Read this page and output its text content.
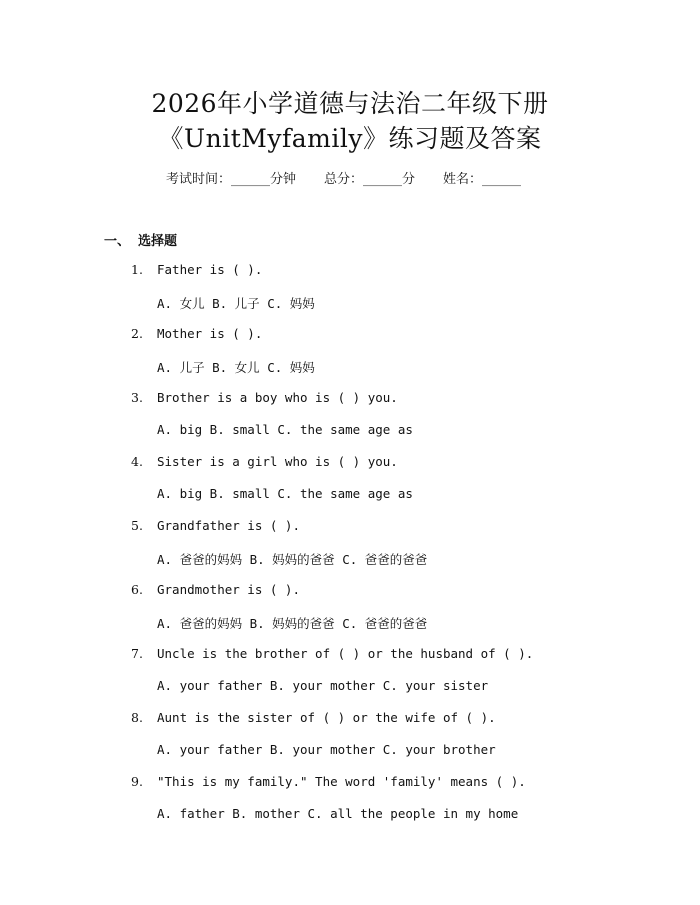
2026年小学道德与法治二年级下册
《UnitMyfamily》练习题及答案
考试时间：______分钟 总分：______分 姓名：______
一、 选择题
1. Father is ( ).
A. 女儿 B. 儿子 C. 妈妈
2. Mother is ( ).
A. 儿子 B. 女儿 C. 妈妈
3. Brother is a boy who is ( ) you.
A. big B. small C. the same age as
4. Sister is a girl who is ( ) you.
A. big B. small C. the same age as
5. Grandfather is ( ).
A. 爸爸的妈妈 B. 妈妈的爸爸 C. 爸爸的爸爸
6. Grandmother is ( ).
A. 爸爸的妈妈 B. 妈妈的爸爸 C. 爸爸的爸爸
7. Uncle is the brother of ( ) or the husband of ( ).
A. your father B. your mother C. your sister
8. Aunt is the sister of ( ) or the wife of ( ).
A. your father B. your mother C. your brother
9. "This is my family." The word 'family' means ( ).
A. father B. mother C. all the people in my home
